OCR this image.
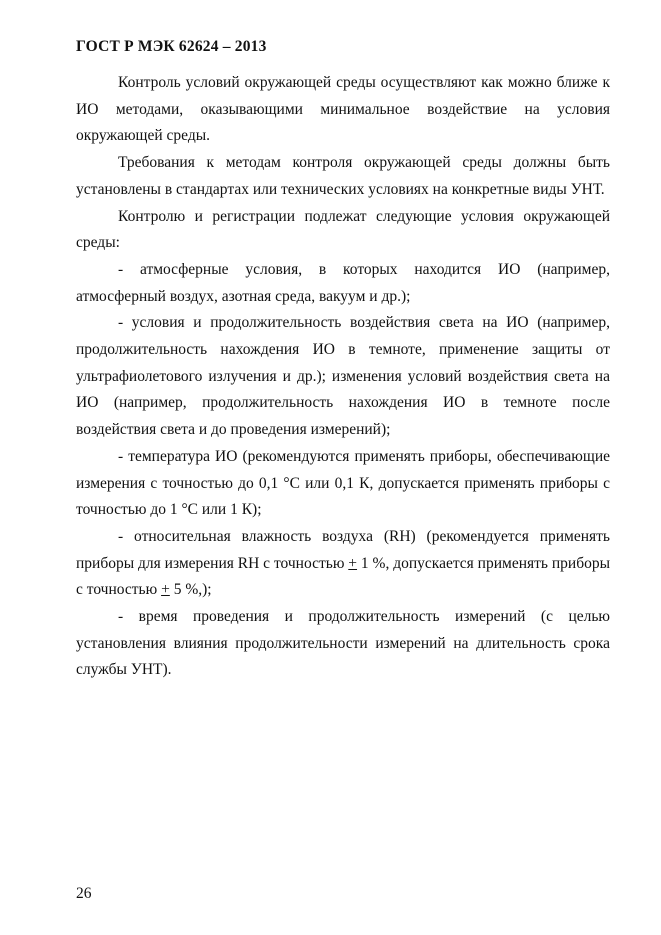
ГОСТ Р МЭК 62624 – 2013

Контроль условий окружающей среды осуществляют как можно ближе к ИО методами, оказывающими минимальное воздействие на условия окружающей среды.

Требования к методам контроля окружающей среды должны быть установлены в стандартах или технических условиях на конкретные виды УНТ.

Контролю и регистрации подлежат следующие условия окружающей среды:

- атмосферные условия, в которых находится ИО (например, атмосферный воздух, азотная среда, вакуум и др.);

- условия и продолжительность воздействия света на ИО (например, продолжительность нахождения ИО в темноте, применение защиты от ультрафиолетового излучения и др.); изменения условий воздействия света на ИО (например, продолжительность нахождения ИО в темноте после воздействия света и до проведения измерений);

- температура ИО (рекомендуются применять приборы, обеспечивающие измерения с точностью до 0,1 °С или 0,1 К, допускается применять приборы с точностью до 1 °С или 1 К);

- относительная влажность воздуха (RH) (рекомендуется применять приборы для измерения RH с точностью + 1 %, допускается применять приборы с точностью + 5 %,);

- время проведения и продолжительность измерений (с целью установления влияния продолжительности измерений на длительность срока службы УНТ).

26
